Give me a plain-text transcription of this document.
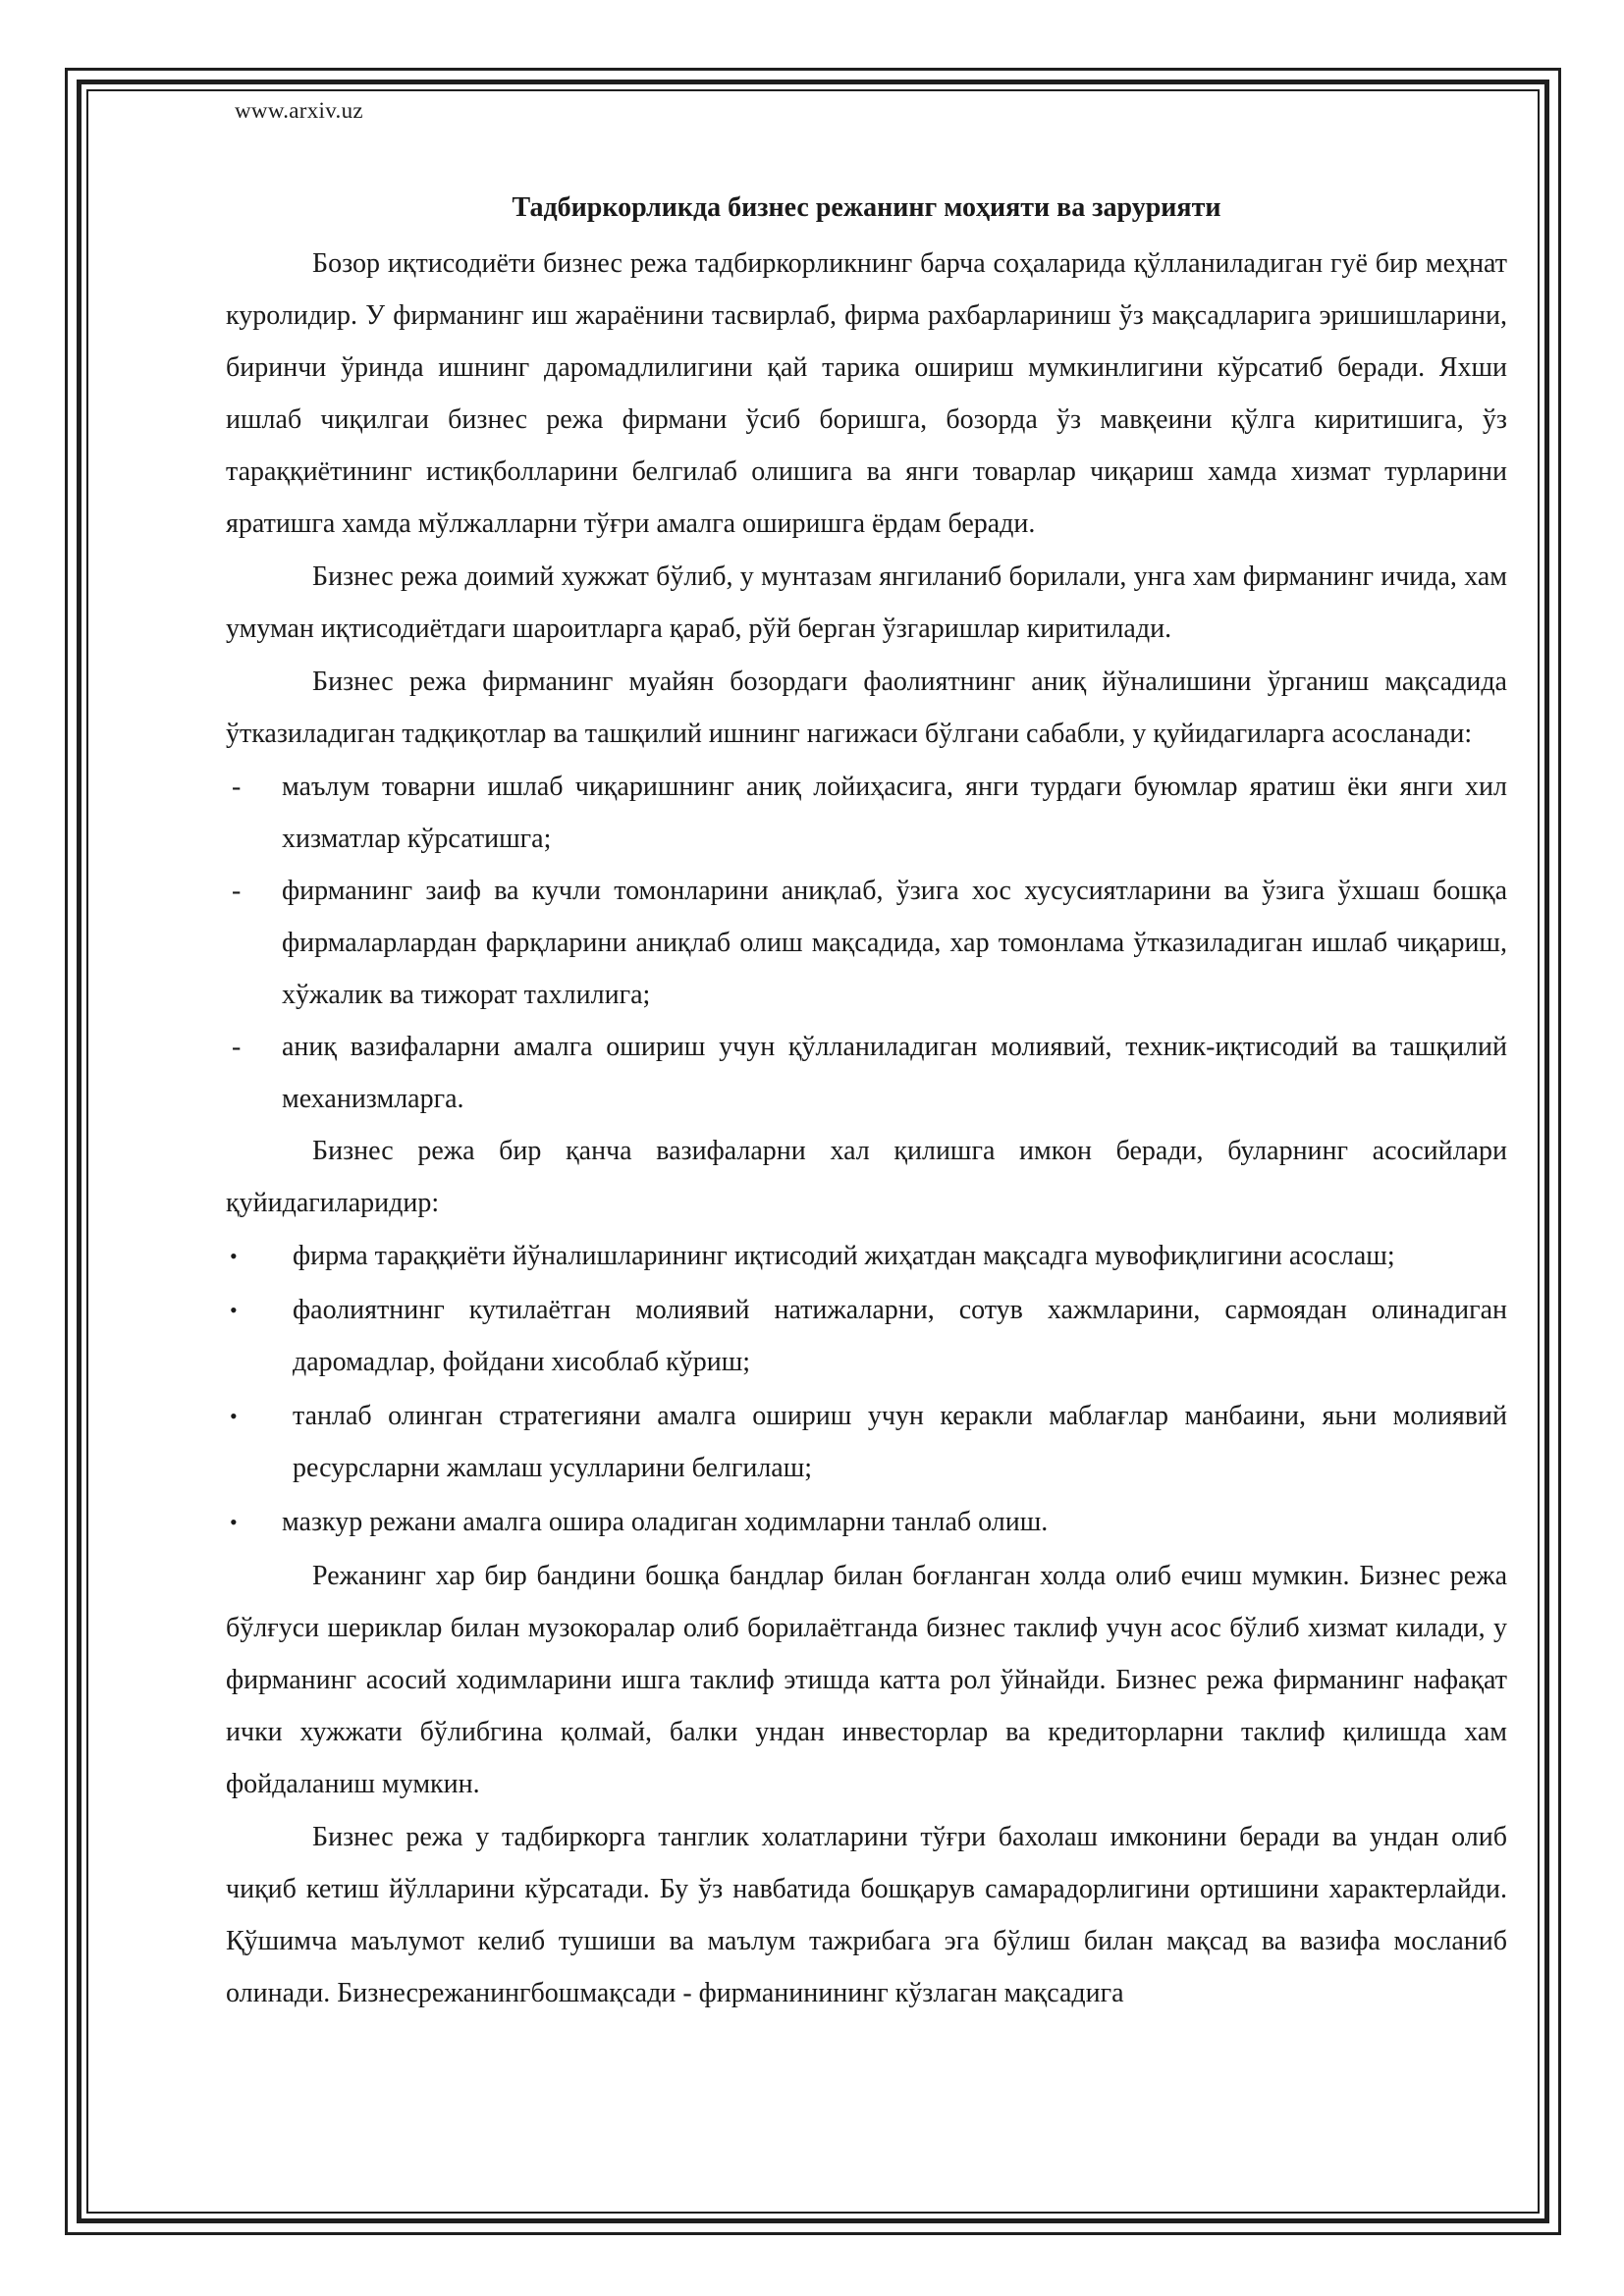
www.arxiv.uz
Тадбиркорликда бизнес режанинг моҳияти ва зарурияти

Бозор иқтисодиёти бизнес режа тадбиркорликнинг барча соҳаларида қўлланиладиган гуё бир меҳнат куролидир. У фирманинг иш жараёнини тасвирлаб, фирма рахбарлариниш ўз мақсадларига эришишларини, биринчи ўринда ишнинг даромадлилигини қай тарика ошириш мумкинлигини кўрсатиб беради. Яхши ишлаб чиқилгаи бизнес режа фирмани ўсиб боришга, бозорда ўз мавқеини қўлга киритишига, ўз тараққиётининг истиқболларини белгилаб олишига ва янги товарлар чиқариш хамда хизмат турларини яратишга хамда мўлжалларни тўғри амалга оширишга ёрдам беради.

Бизнес режа доимий хужжат бўлиб, у мунтазам янгиланиб борилали, унга хам фирманинг ичида, хам умуман иқтисодиётдаги шароитларга қараб, рўй берган ўзгаришлар киритилади.

Бизнес режа фирманинг муайян бозордаги фаолиятнинг аниқ йўналишини ўрганиш мақсадида ўтказиладиган тадқиқотлар ва ташқилий ишнинг нагижаси бўлгани сабабли, у қуйидагиларга асосланади:

- маълум товарни ишлаб чиқаришнинг аниқ лойиҳасига, янги турдаги буюмлар яратиш ёки янги хил хизматлар кўрсатишга;
- фирманинг заиф ва кучли томонларини аниқлаб, ўзига хос хусусиятларини ва ўзига ўхшаш бошқа фирмаларлардан фарқларини аниқлаб олиш мақсадида, хар томонлама ўтказиладиган ишлаб чиқариш, хўжалик ва тижорат тахлилига;
- аниқ вазифаларни амалга ошириш учун қўлланиладиган молиявий, техник-иқтисодий ва ташқилий механизмларга.

Бизнес режа бир қанча вазифаларни хал қилишга имкон беради, буларнинг асосийлари қуйидагиларидир:

• фирма тараққиёти йўналишларининг иқтисодий жиҳатдан мақсадга мувофиқлигини асослаш;
• фаолиятнинг кутилаётган молиявий натижаларни, сотув хажмларини, сармоядан олинадиган даромадлар, фойдани хисоблаб кўриш;
• танлаб олинган стратегияни амалга ошириш учун керакли маблағлар манбаини, яьни молиявий ресурсларни жамлаш усулларини белгилаш;
• мазкур режани амалга ошира оладиган ходимларни танлаб олиш.

Режанинг хар бир бандини бошқа бандлар билан боғланган холда олиб ечиш мумкин. Бизнес режа бўлғуси шериклар билан музокоралар олиб борилаётганда бизнес таклиф учун асос бўлиб хизмат килади, у фирманинг асосий ходимларини ишга таклиф этишда катта рол ўйнайди. Бизнес режа фирманинг нафақат ички хужжати бўлибгина қолмай, балки ундан инвесторлар ва кредиторларни таклиф қилишда хам фойдаланиш мумкин.

Бизнес режа у тадбиркорга танглик холатларини тўғри бахолаш имконини беради ва ундан олиб чиқиб кетиш йўлларини кўрсатади. Бу ўз навбатида бошқарув самарадорлигини ортишини характерлайди. Қўшимча маълумот келиб тушиши ва маълум тажрибага эга бўлиш билан мақсад ва вазифа мосланиб олинади. Бизнесрежанингбошмақсади - фирманинининг кўзлаган мақсадига
